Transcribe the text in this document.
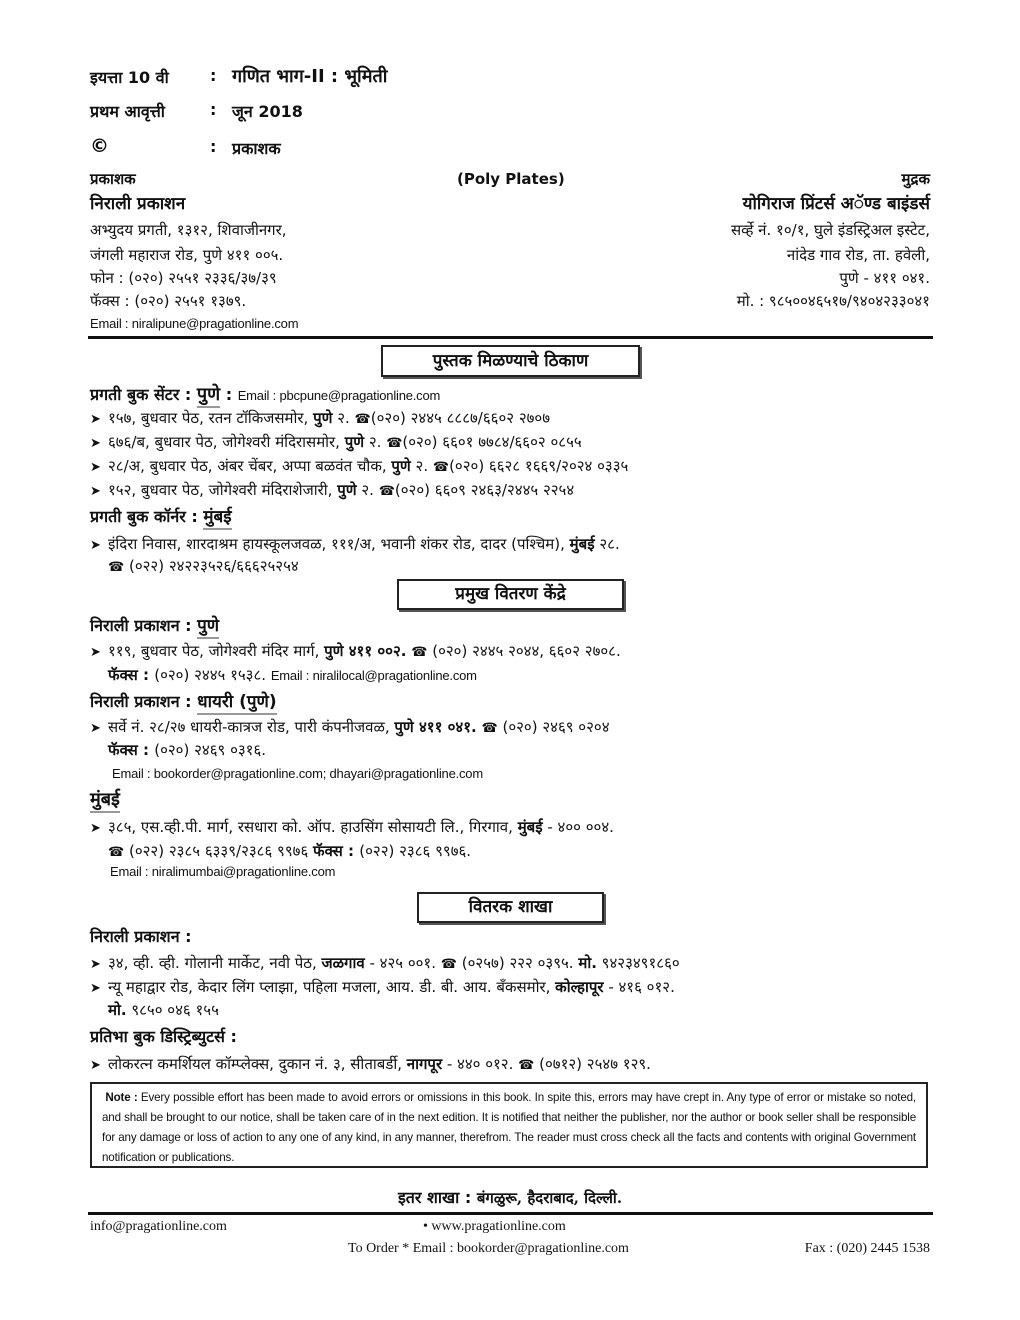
इयत्ता 10 वी	: गणित भाग-II : भूमिती
प्रथम आवृत्ती	: जून 2018
©	: प्रकाशक
प्रकाशक
निराली प्रकाशन
अभ्युदय प्रगती, १३१२, शिवाजीनगर,
जंगली महाराज रोड, पुणे ४११ ००५.
फोन : (०२०) २५५१ २३३६/३७/३९
फॅक्स : (०२०) २५५१ १३७९.
Email : niralipune@pragationline.com
(Poly Plates)	मुद्रक
योगिराज प्रिंटर्स अॅण्ड बाइंडर्स
सर्व्हे नं. १०/१, घुले इंडस्ट्रिअल इस्टेट,
नांदेड गाव रोड, ता. हवेली,
पुणे - ४११ ०४१.
मो. : ९८५००४६५१७/९४०४२३३०४१
पुस्तक मिळण्याचे ठिकाण
प्रगती बुक सेंटर : पुणे : Email : pbcpune@pragationline.com
➤ १५७, बुधवार पेठ, रतन टॉकिजसमोर, पुणे २. ☎(०२०) २४४५ ८८८७/६६०२ २७०७
➤ ६७६/ब, बुधवार पेठ, जोगेश्वरी मंदिरासमोर, पुणे २. ☎(०२०) ६६०१ ७७८४/६६०२ ०८५५
➤ २८/अ, बुधवार पेठ, अंबर चेंबर, अप्पा बळवंत चौक, पुणे २. ☎(०२०) ६६२८ १६६९/२०२४ ०३३५
➤ १५२, बुधवार पेठ, जोगेश्वरी मंदिराशेजारी, पुणे २. ☎(०२०) ६६०९ २४६३/२४४५ २२५४
प्रगती बुक कॉर्नर : मुंबई
➤ इंदिरा निवास, शारदाश्रम हायस्कूलजवळ, १११/अ, भवानी शंकर रोड, दादर (पश्चिम), मुंबई २८.
☎ (०२२) २४२२३५२६/६६६२५२५४
प्रमुख वितरण केंद्रे
निराली प्रकाशन : पुणे
➤ ११९, बुधवार पेठ, जोगेश्वरी मंदिर मार्ग, पुणे ४११ ००२. ☎ (०२०) २४४५ २०४४, ६६०२ २७०८.
फॅक्स : (०२०) २४४५ १५३८. Email : niralilocal@pragationline.com
निराली प्रकाशन : धायरी (पुणे)
➤ सर्वे नं. २८/२७ धायरी-कात्रज रोड, पारी कंपनीजवळ, पुणे ४११ ०४१. ☎ (०२०) २४६९ ०२०४
फॅक्स : (०२०) २४६९ ०३१६.
Email : bookorder@pragationline.com; dhayari@pragationline.com
मुंबई
➤ ३८५, एस.व्ही.पी. मार्ग, रसधारा को. ऑप. हाउसिंग सोसायटी लि., गिरगाव, मुंबई - ४०० ००४.
☎ (०२२) २३८५ ६३३९/२३८६ ९९७६ फॅक्स : (०२२) २३८६ ९९७६.
Email : niralimumbai@pragationline.com
वितरक शाखा
निराली प्रकाशन :
➤ ३४, व्ही. व्ही. गोलानी मार्केट, नवी पेठ, जळगाव - ४२५ ००१. ☎ (०२५७) २२२ ०३९५. मो. ९४२३४९१८६०
➤ न्यू महाद्वार रोड, केदार लिंग प्लाझा, पहिला मजला, आय. डी. बी. आय. बँकसमोर, कोल्हापूर - ४१६ ०१२.
मो. ९८५० ०४६ १५५
प्रतिभा बुक डिस्ट्रिब्युटर्स :
➤ लोकरत्न कमर्शियल कॉम्प्लेक्स, दुकान नं. ३, सीताबर्डी, नागपूर - ४४० ०१२. ☎ (०७१२) २५४७ १२९.
Note : Every possible effort has been made to avoid errors or omissions in this book. In spite this, errors may have crept in. Any type of error or mistake so noted, and shall be brought to our notice, shall be taken care of in the next edition. It is notified that neither the publisher, nor the author or book seller shall be responsible for any damage or loss of action to any one of any kind, in any manner, therefrom. The reader must cross check all the facts and contents with original Government notification or publications.
इतर शाखा : बंगळुरू, हैदराबाद, दिल्ली.
info@pragationline.com	• www.pragationline.com
To Order * Email : bookorder@pragationline.com	Fax : (020) 2445 1538
